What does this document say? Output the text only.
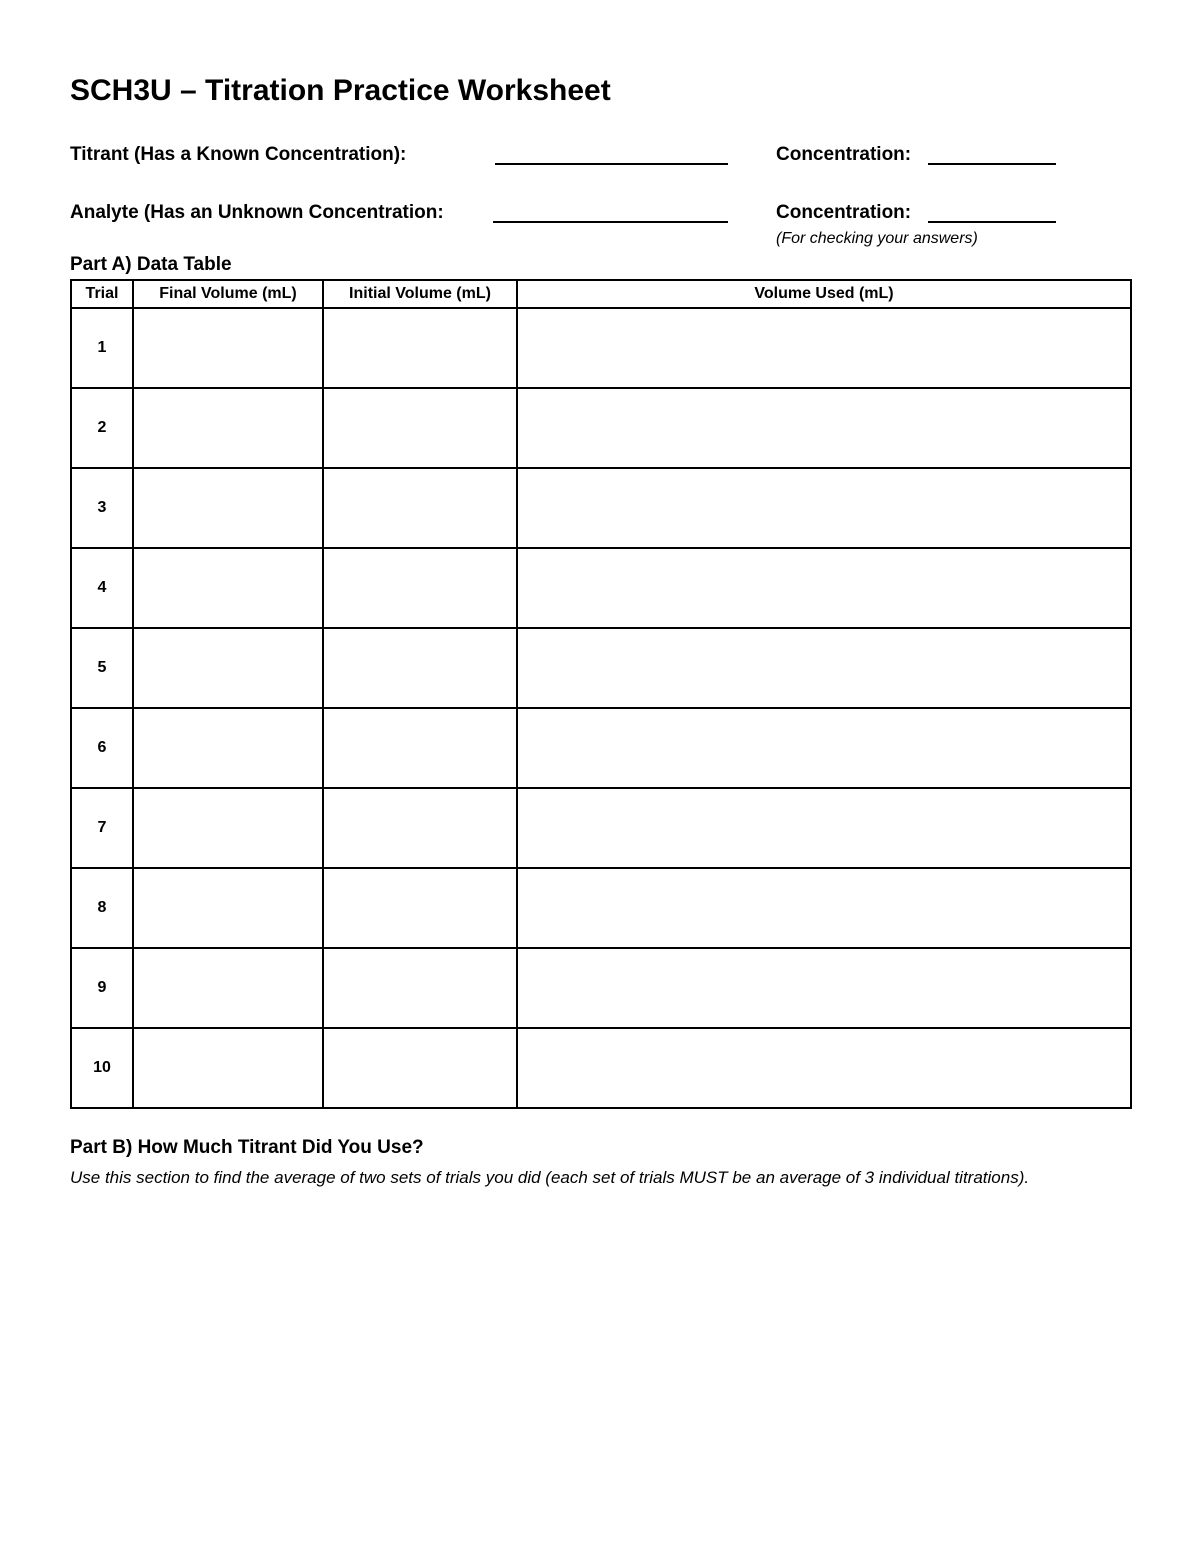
SCH3U – Titration Practice Worksheet
Titrant (Has a Known Concentration):	Concentration:
Analyte (Has an Unknown Concentration:	Concentration:
(For checking your answers)
Part A) Data Table
Trial	Final Volume (mL)	Initial Volume (mL)	Volume Used (mL)
1			
2			
3			
4			
5			
6			
7			
8			
9			
10			
Part B) How Much Titrant Did You Use?
Use this section to find the average of two sets of trials you did (each set of trials MUST be an average of 3 individual titrations).
